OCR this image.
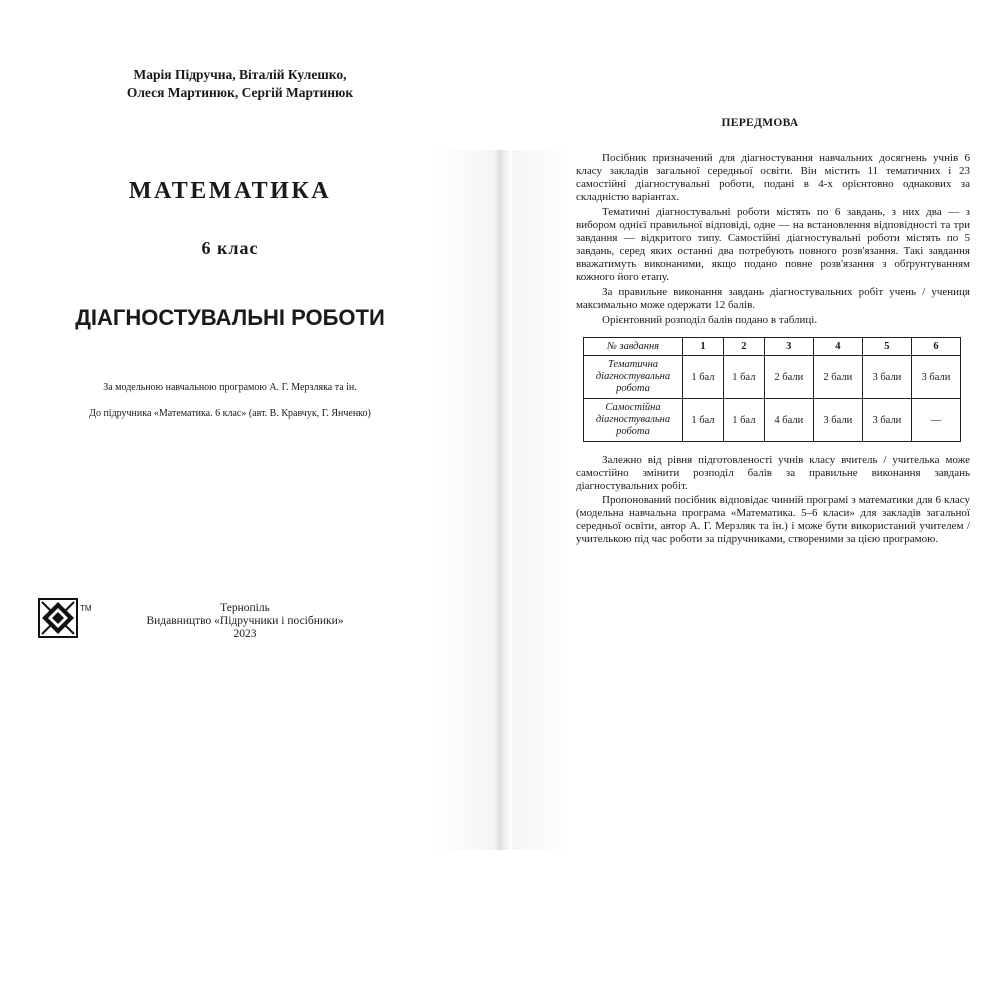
Марія Підручна, Віталій Кулешко,
Олеся Мартинюк, Сергій Мартинюк
МАТЕМАТИКА
6 клас
ДІАГНОСТУВАЛЬНІ РОБОТИ
За модельною навчальною програмою А. Г. Мерзляка та ін.
До підручника «Математика. 6 клас» (авт. В. Кравчук, Г. Янченко)
TM	Тернопіль
Видавництво «Підручники і посібники»
2023
ПЕРЕДМОВА

Посібник призначений для діагностування навчальних досягнень учнів 6 класу закладів загальної середньої освіти. Він містить 11 тематичних і 23 самостійні діагностувальні роботи, подані в 4-х орієнтовно однакових за складністю варіантах.

Тематичні діагностувальні роботи містять по 6 завдань, з них два — з вибором однієї правильної відповіді, одне — на встановлення відповідності та три завдання — відкритого типу. Самостійні діагностувальні роботи містять по 5 завдань, серед яких останні два потребують повного розв'язання. Такі завдання вважатимуть виконаними, якщо подано повне розв'язання з обґрунтуванням кожного його етапу.

За правильне виконання завдань діагностувальних робіт учень / учениця максимально може одержати 12 балів.

Орієнтовний розподіл балів подано в таблиці.

№ завдання	1	2	3	4	5	6
Тематична діагностувальна робота	1 бал	1 бал	2 бали	2 бали	3 бали	3 бали
Самостійна діагностувальна робота	1 бал	1 бал	4 бали	3 бали	3 бали	—

Залежно від рівня підготовленості учнів класу вчитель / учителька може самостійно змінити розподіл балів за правильне виконання завдань діагностувальних робіт.

Пропонований посібник відповідає чинній програмі з математики для 6 класу (модельна навчальна програма «Математика. 5–6 класи» для закладів загальної середньої освіти, автор А. Г. Мерзляк та ін.) і може бути використаний учителем / учителькою під час роботи за підручниками, створеними за цією програмою.
